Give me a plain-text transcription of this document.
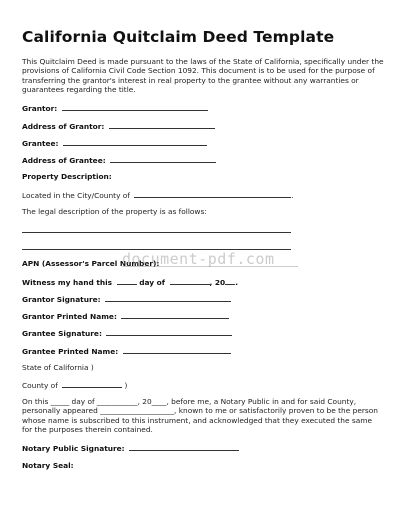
California Quitclaim Deed Template
This Quitclaim Deed is made pursuant to the laws of the State of California, specifically under the provisions of California Civil Code Section 1092. This document is to be used for the purpose of transferring the grantor's interest in real property to the grantee without any warranties or guarantees regarding the title.
Grantor:
Address of Grantor:
Grantee:
Address of Grantee:
Property Description:
Located in the City/County of	.
The legal description of the property is as follows:
APN (Assessor's Parcel Number):
Witness my hand this	day of	, 20 .
Grantor Signature:
Grantor Printed Name:
Grantee Signature:
Grantee Printed Name:
State of California )
County of	)
On this _____ day of ___________, 20____, before me, a Notary Public in and for said County, personally appeared ____________________, known to me or satisfactorily proven to be the person whose name is subscribed to this instrument, and acknowledged that they executed the same for the purposes therein contained.
Notary Public Signature:
Notary Seal:
document-pdf.com
